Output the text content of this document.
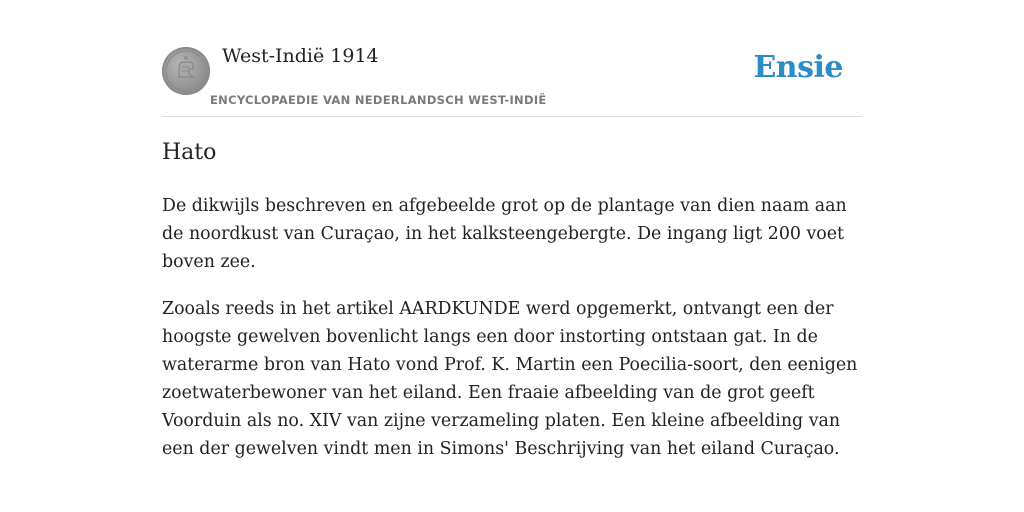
West-Indië 1914
ENCYCLOPAEDIE VAN NEDERLANDSCH WEST-INDIË
Ensie
Hato

De dikwijls beschreven en afgebeelde grot op de plantage van dien naam aan de noordkust van Curaçao, in het kalksteengebergte. De ingang ligt 200 voet boven zee.

Zooals reeds in het artikel AARDKUNDE werd opgemerkt, ontvangt een der hoogste gewelven bovenlicht langs een door instorting ontstaan gat. In de waterarme bron van Hato vond Prof. K. Martin een Poecilia-soort, den eenigen zoetwaterbewoner van het eiland. Een fraaie afbeelding van de grot geeft Voorduin als no. XIV van zijne verzameling platen. Een kleine afbeelding van een der gewelven vindt men in Simons' Beschrijving van het eiland Curaçao.
